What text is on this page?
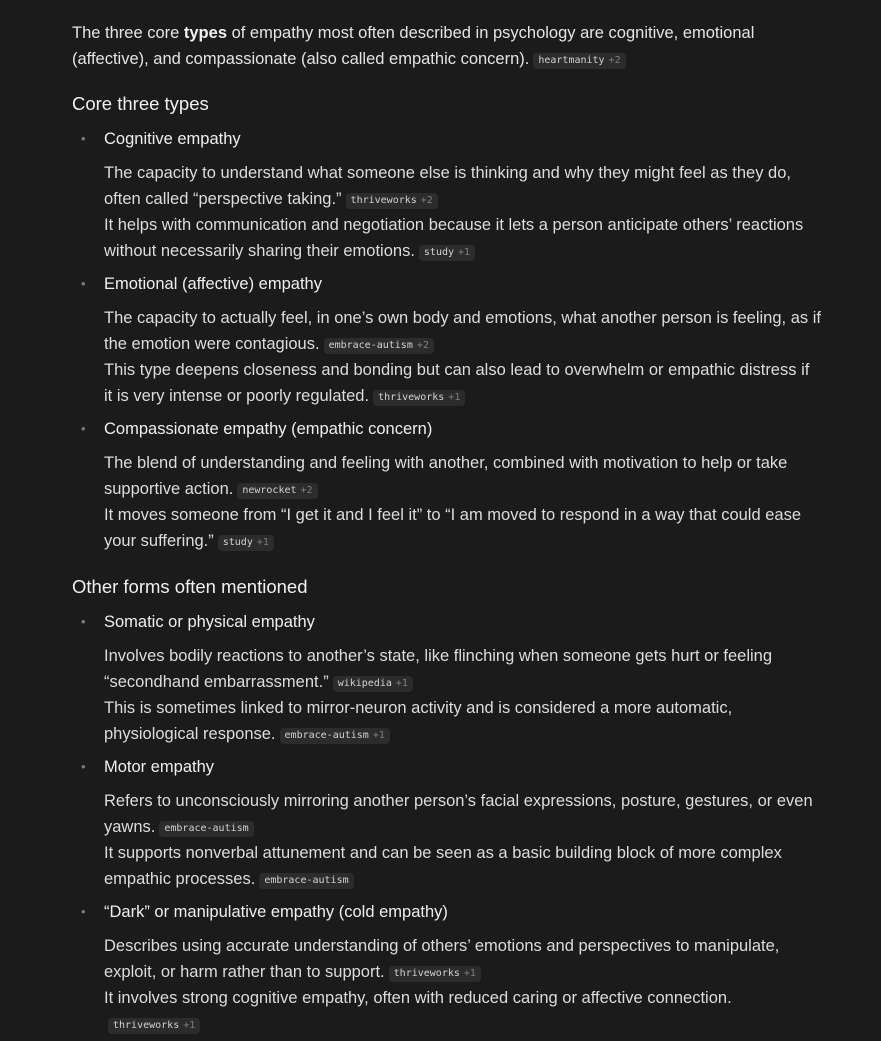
The three core types of empathy most often described in psychology are cognitive, emotional (affective), and compassionate (also called empathic concern). heartmanity +2

Core three types
• Cognitive empathy

The capacity to understand what someone else is thinking and why they might feel as they do, often called “perspective taking.” thriveworks +2
It helps with communication and negotiation because it lets a person anticipate others’ reactions without necessarily sharing their emotions. study +1

• Emotional (affective) empathy

The capacity to actually feel, in one’s own body and emotions, what another person is feeling, as if the emotion were contagious. embrace-autism +2
This type deepens closeness and bonding but can also lead to overwhelm or empathic distress if it is very intense or poorly regulated. thriveworks +1

• Compassionate empathy (empathic concern)

The blend of understanding and feeling with another, combined with motivation to help or take supportive action. newrocket +2
It moves someone from “I get it and I feel it” to “I am moved to respond in a way that could ease your suffering.” study +1

Other forms often mentioned
• Somatic or physical empathy

Involves bodily reactions to another’s state, like flinching when someone gets hurt or feeling “secondhand embarrassment.” wikipedia +1
This is sometimes linked to mirror-neuron activity and is considered a more automatic, physiological response. embrace-autism +1

• Motor empathy

Refers to unconsciously mirroring another person’s facial expressions, posture, gestures, or even yawns. embrace-autism
It supports nonverbal attunement and can be seen as a basic building block of more complex empathic processes. embrace-autism

• “Dark” or manipulative empathy (cold empathy)

Describes using accurate understanding of others’ emotions and perspectives to manipulate, exploit, or harm rather than to support. thriveworks +1
It involves strong cognitive empathy, often with reduced caring or affective connection.thriveworks +1
